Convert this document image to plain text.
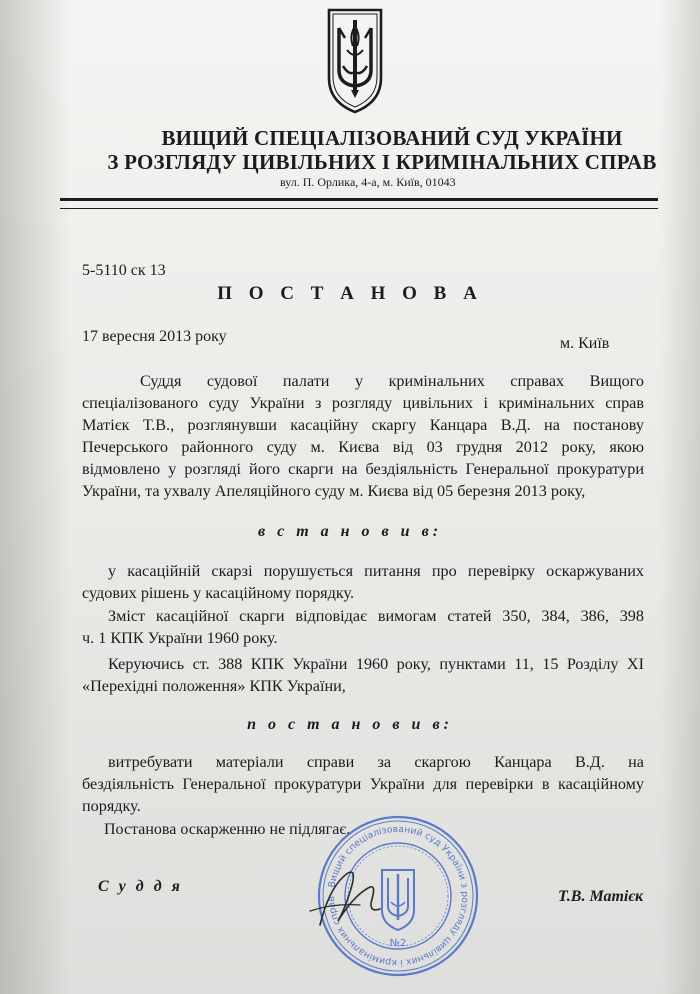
ВИЩИЙ СПЕЦІАЛІЗОВАНИЙ СУД УКРАЇНИ
З РОЗГЛЯДУ ЦИВІЛЬНИХ І КРИМІНАЛЬНИХ СПРАВ
вул. П. Орлика, 4-а, м. Київ, 01043
5-5110 ск 13
П О С Т А Н О В А
17 вересня 2013 року	м. Київ
Суддя судової палати у кримінальних справах Вищого
спеціалізованого суду України з розгляду цивільних і кримінальних справ
Матієк Т.В., розглянувши касаційну скаргу Канцара В.Д. на постанову
Печерського районного суду м. Києва від 03 грудня 2012 року, якою
відмовлено у розгляді його скарги на бездіяльність Генеральної прокуратури
України, та ухвалу Апеляційного суду м. Києва від 05 березня 2013 року,
в с т а н о в и в:
у касаційній скарзі порушується питання про перевірку оскаржуваних
судових рішень у касаційному порядку.
Зміст касаційної скарги відповідає вимогам статей 350, 384, 386, 398
ч. 1 КПК України 1960 року.
Керуючись ст. 388 КПК України 1960 року, пунктами 11, 15 Розділу XI
«Перехідні положення» КПК України,
п о с т а н о в и в:
витребувати матеріали справи за скаргою Канцара В.Д. на
бездіяльність Генеральної прокуратури України для перевірки в касаційному
порядку.
Постанова оскарженню не підлягає.
С у д д я
Т.В. Матієк
Вищий спеціалізований суд України з розгляду цивільних і кримінальних справ
№2
